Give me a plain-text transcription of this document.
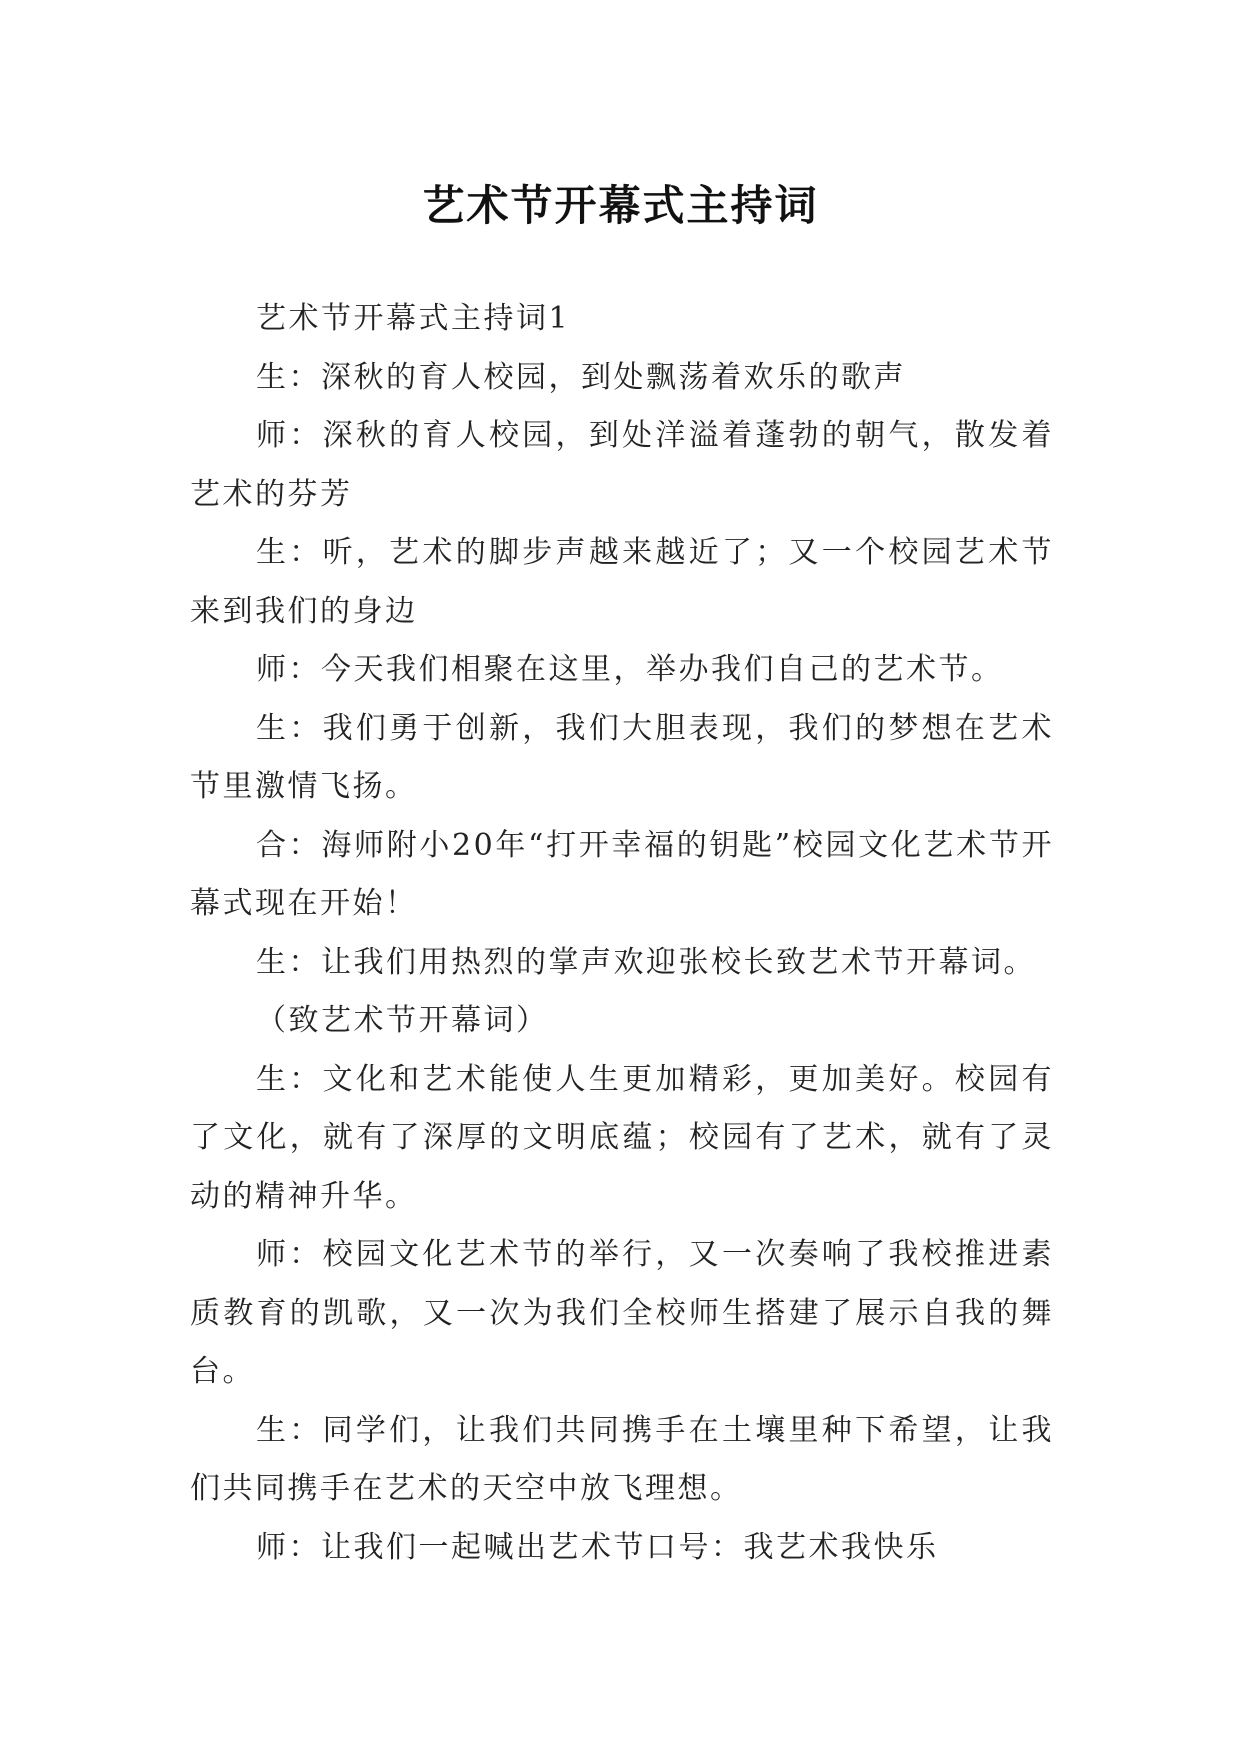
艺术节开幕式主持词

艺术节开幕式主持词1

生：深秋的育人校园，到处飘荡着欢乐的歌声

师：深秋的育人校园，到处洋溢着蓬勃的朝气，散发着艺术的芬芳

生：听，艺术的脚步声越来越近了；又一个校园艺术节来到我们的身边

师：今天我们相聚在这里，举办我们自己的艺术节。

生：我们勇于创新，我们大胆表现，我们的梦想在艺术节里激情飞扬。

合：海师附小20年“打开幸福的钥匙”校园文化艺术节开幕式现在开始！

生：让我们用热烈的掌声欢迎张校长致艺术节开幕词。

（致艺术节开幕词）

生：文化和艺术能使人生更加精彩，更加美好。校园有了文化，就有了深厚的文明底蕴；校园有了艺术，就有了灵动的精神升华。

师：校园文化艺术节的举行，又一次奏响了我校推进素质教育的凯歌，又一次为我们全校师生搭建了展示自我的舞台。

生：同学们，让我们共同携手在土壤里种下希望，让我们共同携手在艺术的天空中放飞理想。

师：让我们一起喊出艺术节口号：我艺术我快乐
